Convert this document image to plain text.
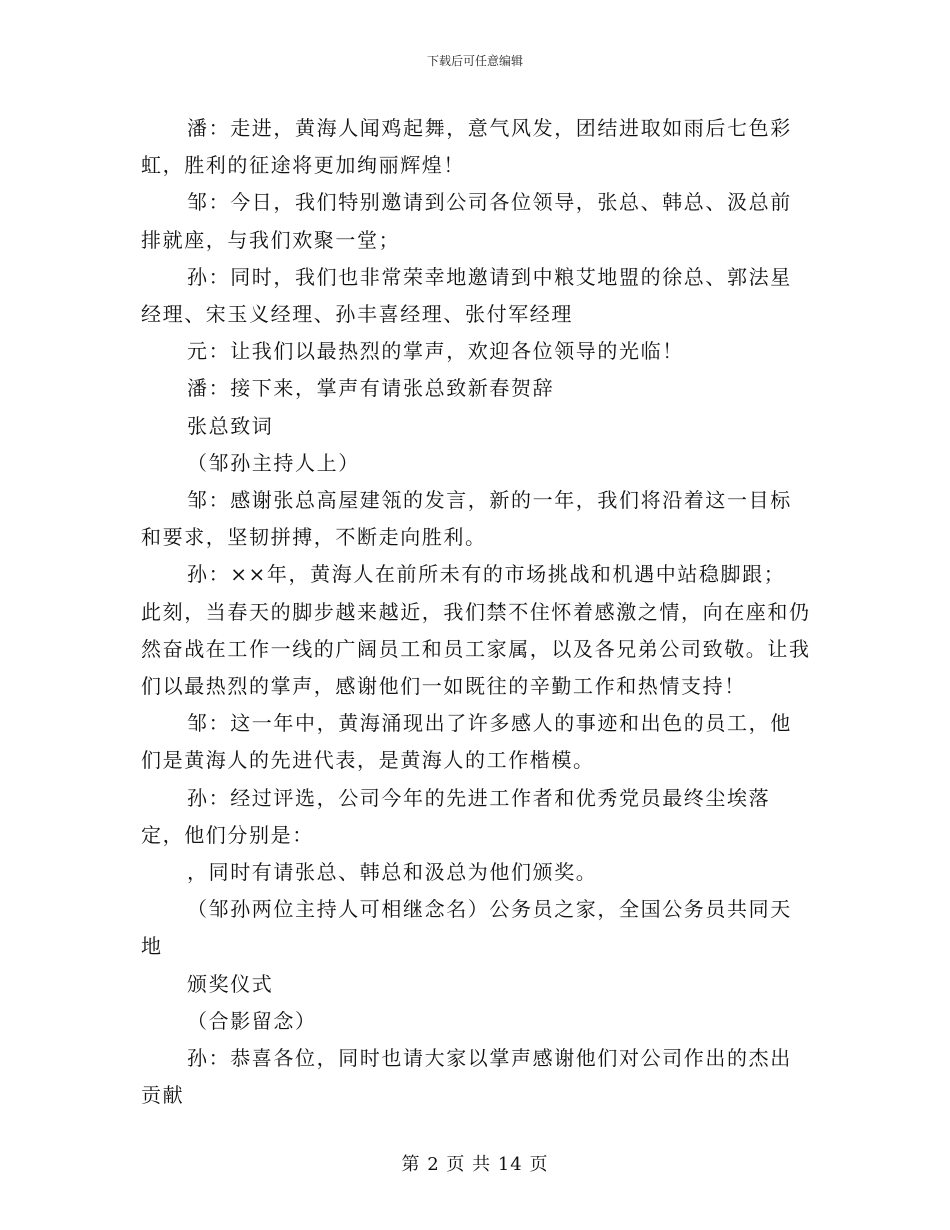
下载后可任意编辑

潘：走进，黄海人闻鸡起舞，意气风发，团结进取如雨后七色彩虹，胜利的征途将更加绚丽辉煌！

邹：今日，我们特别邀请到公司各位领导，张总、韩总、汲总前排就座，与我们欢聚一堂；

孙：同时，我们也非常荣幸地邀请到中粮艾地盟的徐总、郭法星经理、宋玉义经理、孙丰喜经理、张付军经理

元：让我们以最热烈的掌声，欢迎各位领导的光临！

潘：接下来，掌声有请张总致新春贺辞

张总致词

（邹孙主持人上）

邹：感谢张总高屋建瓴的发言，新的一年，我们将沿着这一目标和要求，坚韧拼搏，不断走向胜利。

孙：××年，黄海人在前所未有的市场挑战和机遇中站稳脚跟；

此刻，当春天的脚步越来越近，我们禁不住怀着感激之情，向在座和仍然奋战在工作一线的广阔员工和员工家属，以及各兄弟公司致敬。让我们以最热烈的掌声，感谢他们一如既往的辛勤工作和热情支持！

邹：这一年中，黄海涌现出了许多感人的事迹和出色的员工，他们是黄海人的先进代表，是黄海人的工作楷模。

孙：经过评选，公司今年的先进工作者和优秀党员最终尘埃落定，他们分别是：

，同时有请张总、韩总和汲总为他们颁奖。

（邹孙两位主持人可相继念名）公务员之家，全国公务员共同天地

颁奖仪式

（合影留念）

孙：恭喜各位，同时也请大家以掌声感谢他们对公司作出的杰出贡献

第 2 页 共 14 页
